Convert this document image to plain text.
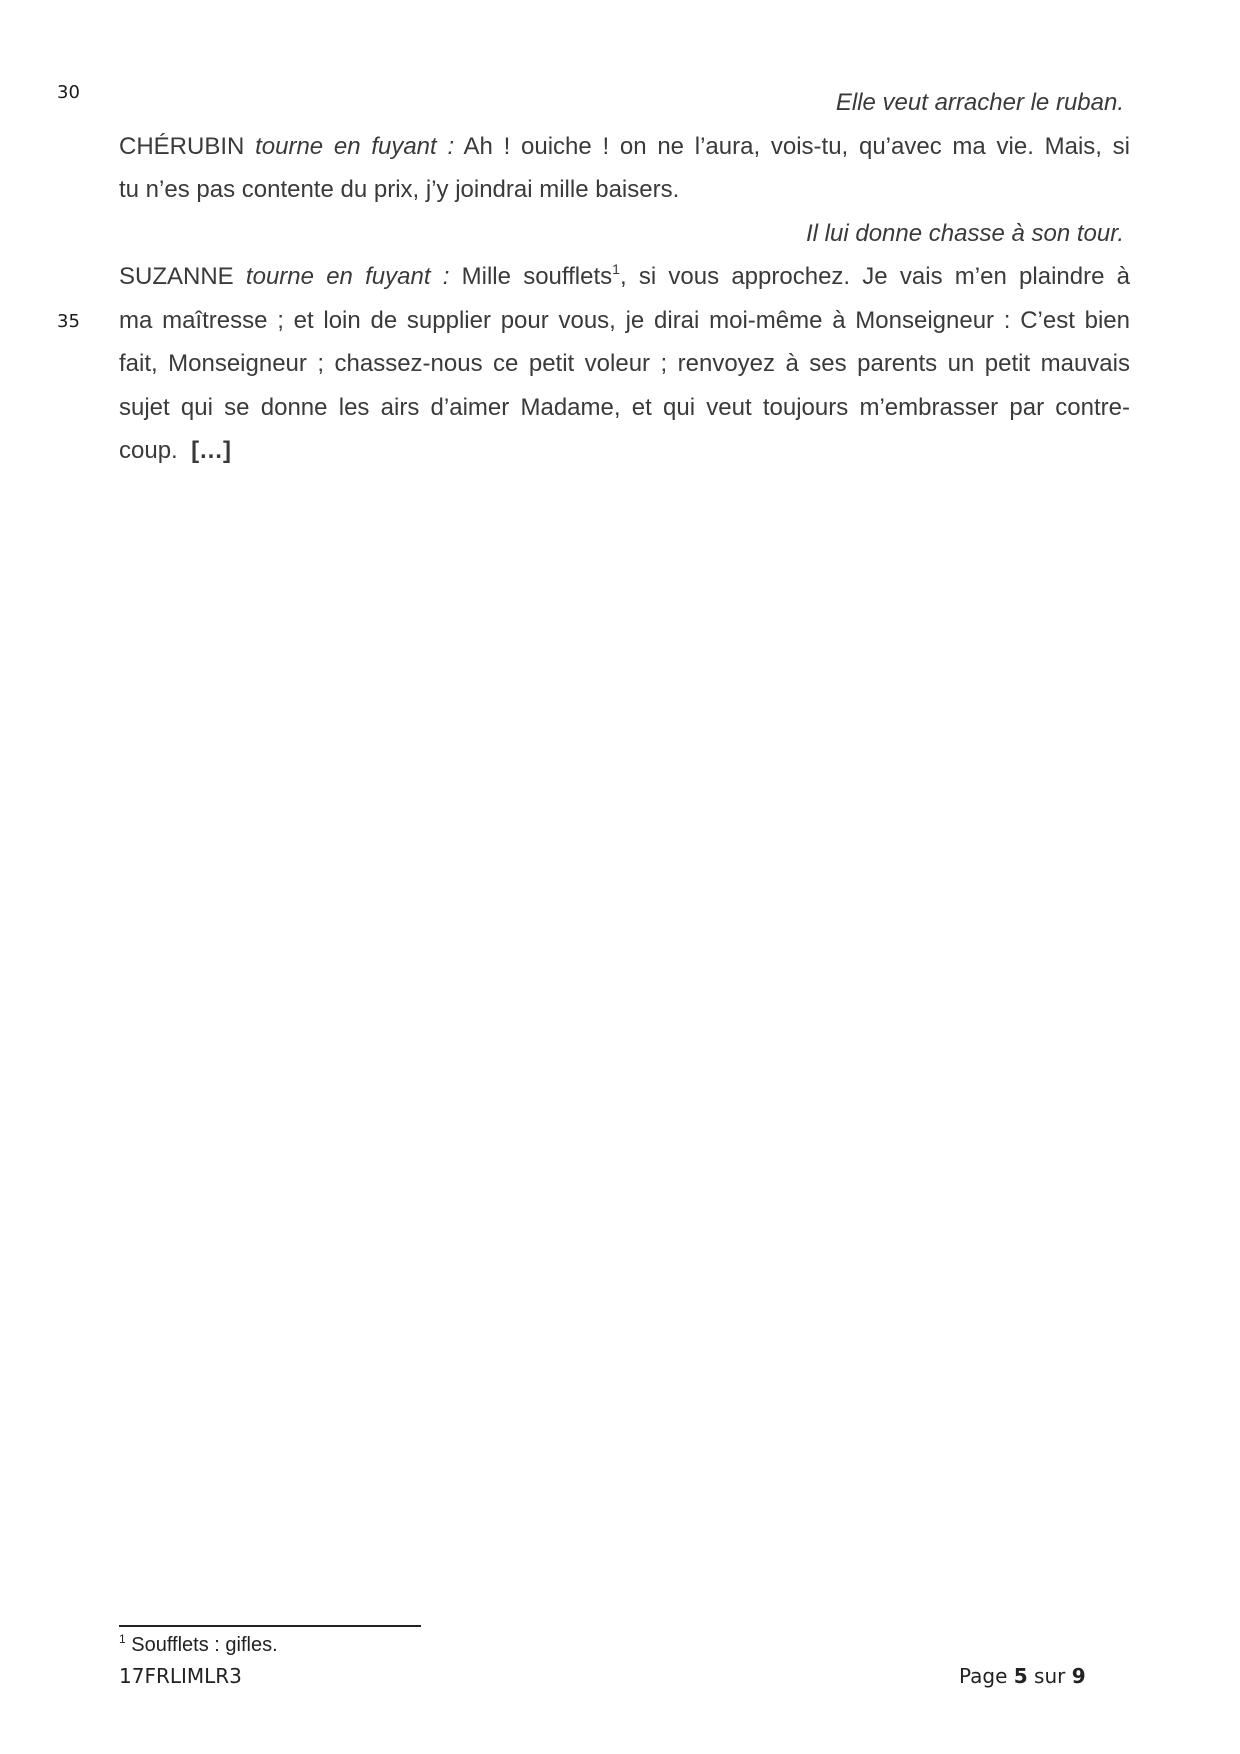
30
35
Elle veut arracher le ruban.
CHÉRUBIN tourne en fuyant : Ah ! ouiche ! on ne l’aura, vois-tu, qu’avec ma vie. Mais, si
tu n’es pas contente du prix, j’y joindrai mille baisers.
Il lui donne chasse à son tour.
SUZANNE tourne en fuyant : Mille soufflets$^1$, si vous approchez. Je vais m’en plaindre à
ma maîtresse ; et loin de supplier pour vous, je dirai moi-même à Monseigneur : C’est bien
fait, Monseigneur ; chassez-nous ce petit voleur ; renvoyez à ses parents un petit mauvais
sujet qui se donne les airs d’aimer Madame, et qui veut toujours m’embrasser par contre-
coup. […]
$^1$ Soufflets : gifles.
17FRLIMLR3	Page 5 sur 9
